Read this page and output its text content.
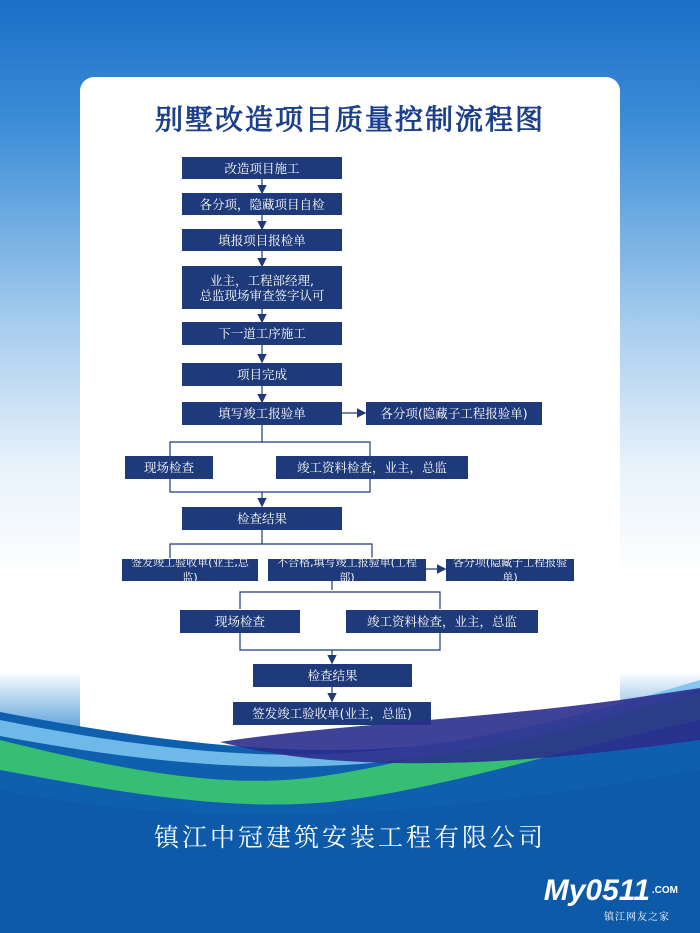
别墅改造项目质量控制流程图
改造项目施工
各分项，隐藏项目自检
填报项目报检单
业主，工程部经理,
总监现场审查签字认可
下一道工序施工
项目完成
填写竣工报验单	各分项(隐藏子工程报验单)
现场检查	竣工资料检查，业主，总监
检查结果
签发竣工验收单(业主,总监)
不合格,填写竣工报验单(工程部)
各分项(隐藏子工程报验单)
现场检查	竣工资料检查，业主，总监
检查结果
签发竣工验收单(业主，总监)
镇江中冠建筑安装工程有限公司
My0511 $^{.COM}$
镇江网友之家
